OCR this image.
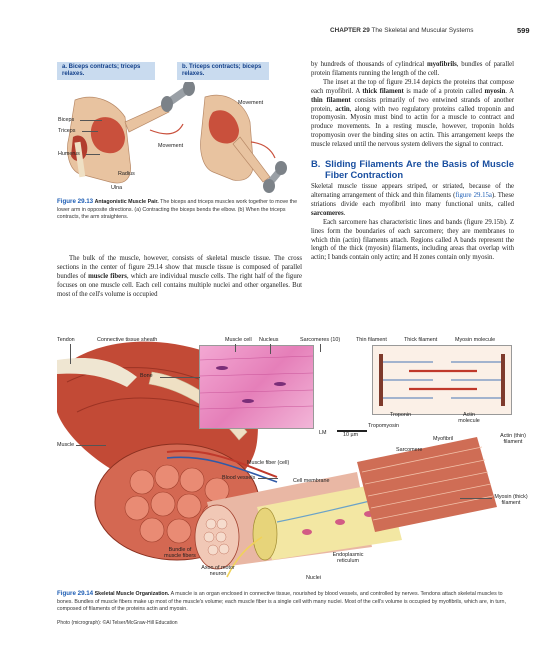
CHAPTER 29 The Skeletal and Muscular Systems	599
a. Biceps contracts; triceps relaxes.
b. Triceps contracts; biceps relaxes.
Biceps
Triceps
Humerus
Radius
Ulna
Movement
Movement
Figure 29.13 Antagonistic Muscle Pair. The biceps and triceps muscles work together to move the lower arm in opposite directions. (a) Contracting the biceps bends the elbow. (b) When the triceps contracts, the arm straightens.

The bulk of the muscle, however, consists of skeletal muscle tissue. The cross sections in the center of figure 29.14 show that muscle tissue is composed of parallel bundles of muscle fibers, which are individual muscle cells. The right half of the figure focuses on one muscle cell. Each cell contains multiple nuclei and other organelles. But most of the cell's volume is occupied

by hundreds of thousands of cylindrical myofibrils, bundles of parallel protein filaments running the length of the cell.

The inset at the top of figure 29.14 depicts the proteins that compose each myofibril. A thick filament is made of a protein called myosin. A thin filament consists primarily of two entwined strands of another protein, actin, along with two regulatory proteins called troponin and tropomyosin. Myosin must bind to actin for a muscle to contract and produce movements. In a resting muscle, however, troponin holds tropomyosin over the binding sites on actin. This arrangement keeps the muscle relaxed until the nervous system delivers the signal to contract.

B. Sliding Filaments Are the Basis of Muscle Fiber Contraction

Skeletal muscle tissue appears striped, or striated, because of the alternating arrangement of thick and thin filaments (figure 29.15a). These striations divide each myofibril into many functional units, called sarcomeres.

Each sarcomere has characteristic lines and bands (figure 29.15b). Z lines form the boundaries of each sarcomere; they are membranes to which thin (actin) filaments attach. Regions called A bands represent the length of the thick (myosin) filaments, including areas that overlap with actin; I bands contain only actin; and H zones contain only myosin.

Tendon	Connective tissue sheath
Bone
Muscle
Muscle cell Nucleus	Sarcomeres (10)	Thin filament	Thick filament	Myosin molecule
Troponin
Tropomyosin
Actin molecule
LM	10 µm
Myofibril
Sarcomere
Actin (thin) filament
Myosin (thick) filament
Muscle fiber (cell)
Blood vessels	Cell membrane
Bundle of muscle fibers
Axon of motor neuron
Endoplasmic reticulum
Nuclei
Figure 29.14 Skeletal Muscle Organization. A muscle is an organ enclosed in connective tissue, nourished by blood vessels, and controlled by nerves. Tendons attach skeletal muscles to bones. Bundles of muscle fibers make up most of the muscle's volume; each muscle fiber is a single cell with many nuclei. Most of the cell's volume is occupied by myofibrils, which are, in turn, composed of filaments of the proteins actin and myosin.
Photo (micrograph): ©Al Telser/McGraw-Hill Education
